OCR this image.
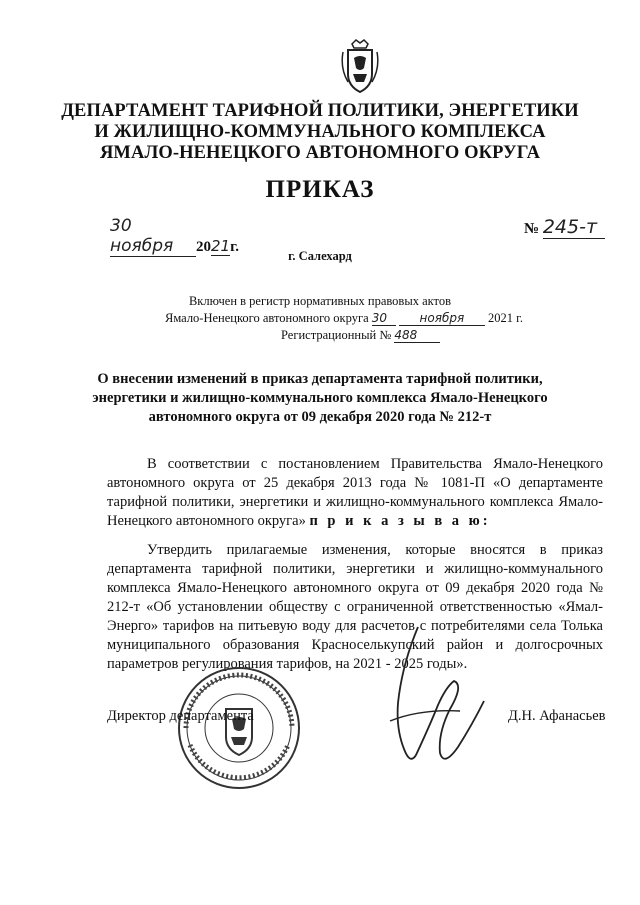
ДЕПАРТАМЕНТ ТАРИФНОЙ ПОЛИТИКИ, ЭНЕРГЕТИКИ
И ЖИЛИЩНО-КОММУНАЛЬНОГО КОМПЛЕКСА
ЯМАЛО-НЕНЕЦКОГО АВТОНОМНОГО ОКРУГА
ПРИКАЗ
30 ноября 2021г.
№ 245-т
г. Салехард
Включен в регистр нормативных правовых актов
Ямало-Ненецкого автономного округа 30	ноября 2021 г.
Регистрационный № 488
О внесении изменений в приказ департамента тарифной политики,
энергетики и жилищно-коммунального комплекса Ямало-Ненецкого
автономного округа от 09 декабря 2020 года № 212-т
В соответствии с постановлением Правительства Ямало-Ненецкого автономного округа от 25 декабря 2013 года № 1081-П «О департаменте тарифной политики, энергетики и жилищно-коммунального комплекса Ямало-Ненецкого автономного округа» п р и к а з ы в а ю:
Утвердить прилагаемые изменения, которые вносятся в приказ департамента тарифной политики, энергетики и жилищно-коммунального комплекса Ямало-Ненецкого автономного округа от 09 декабря 2020 года № 212-т «Об установлении обществу с ограниченной ответственностью «Ямал-Энерго» тарифов на питьевую воду для расчетов с потребителями села Толька муниципального образования Красноселькупский район и долгосрочных параметров регулирования тарифов, на 2021 - 2025 годы».
Директор департамента	Д.Н. Афанасьев
